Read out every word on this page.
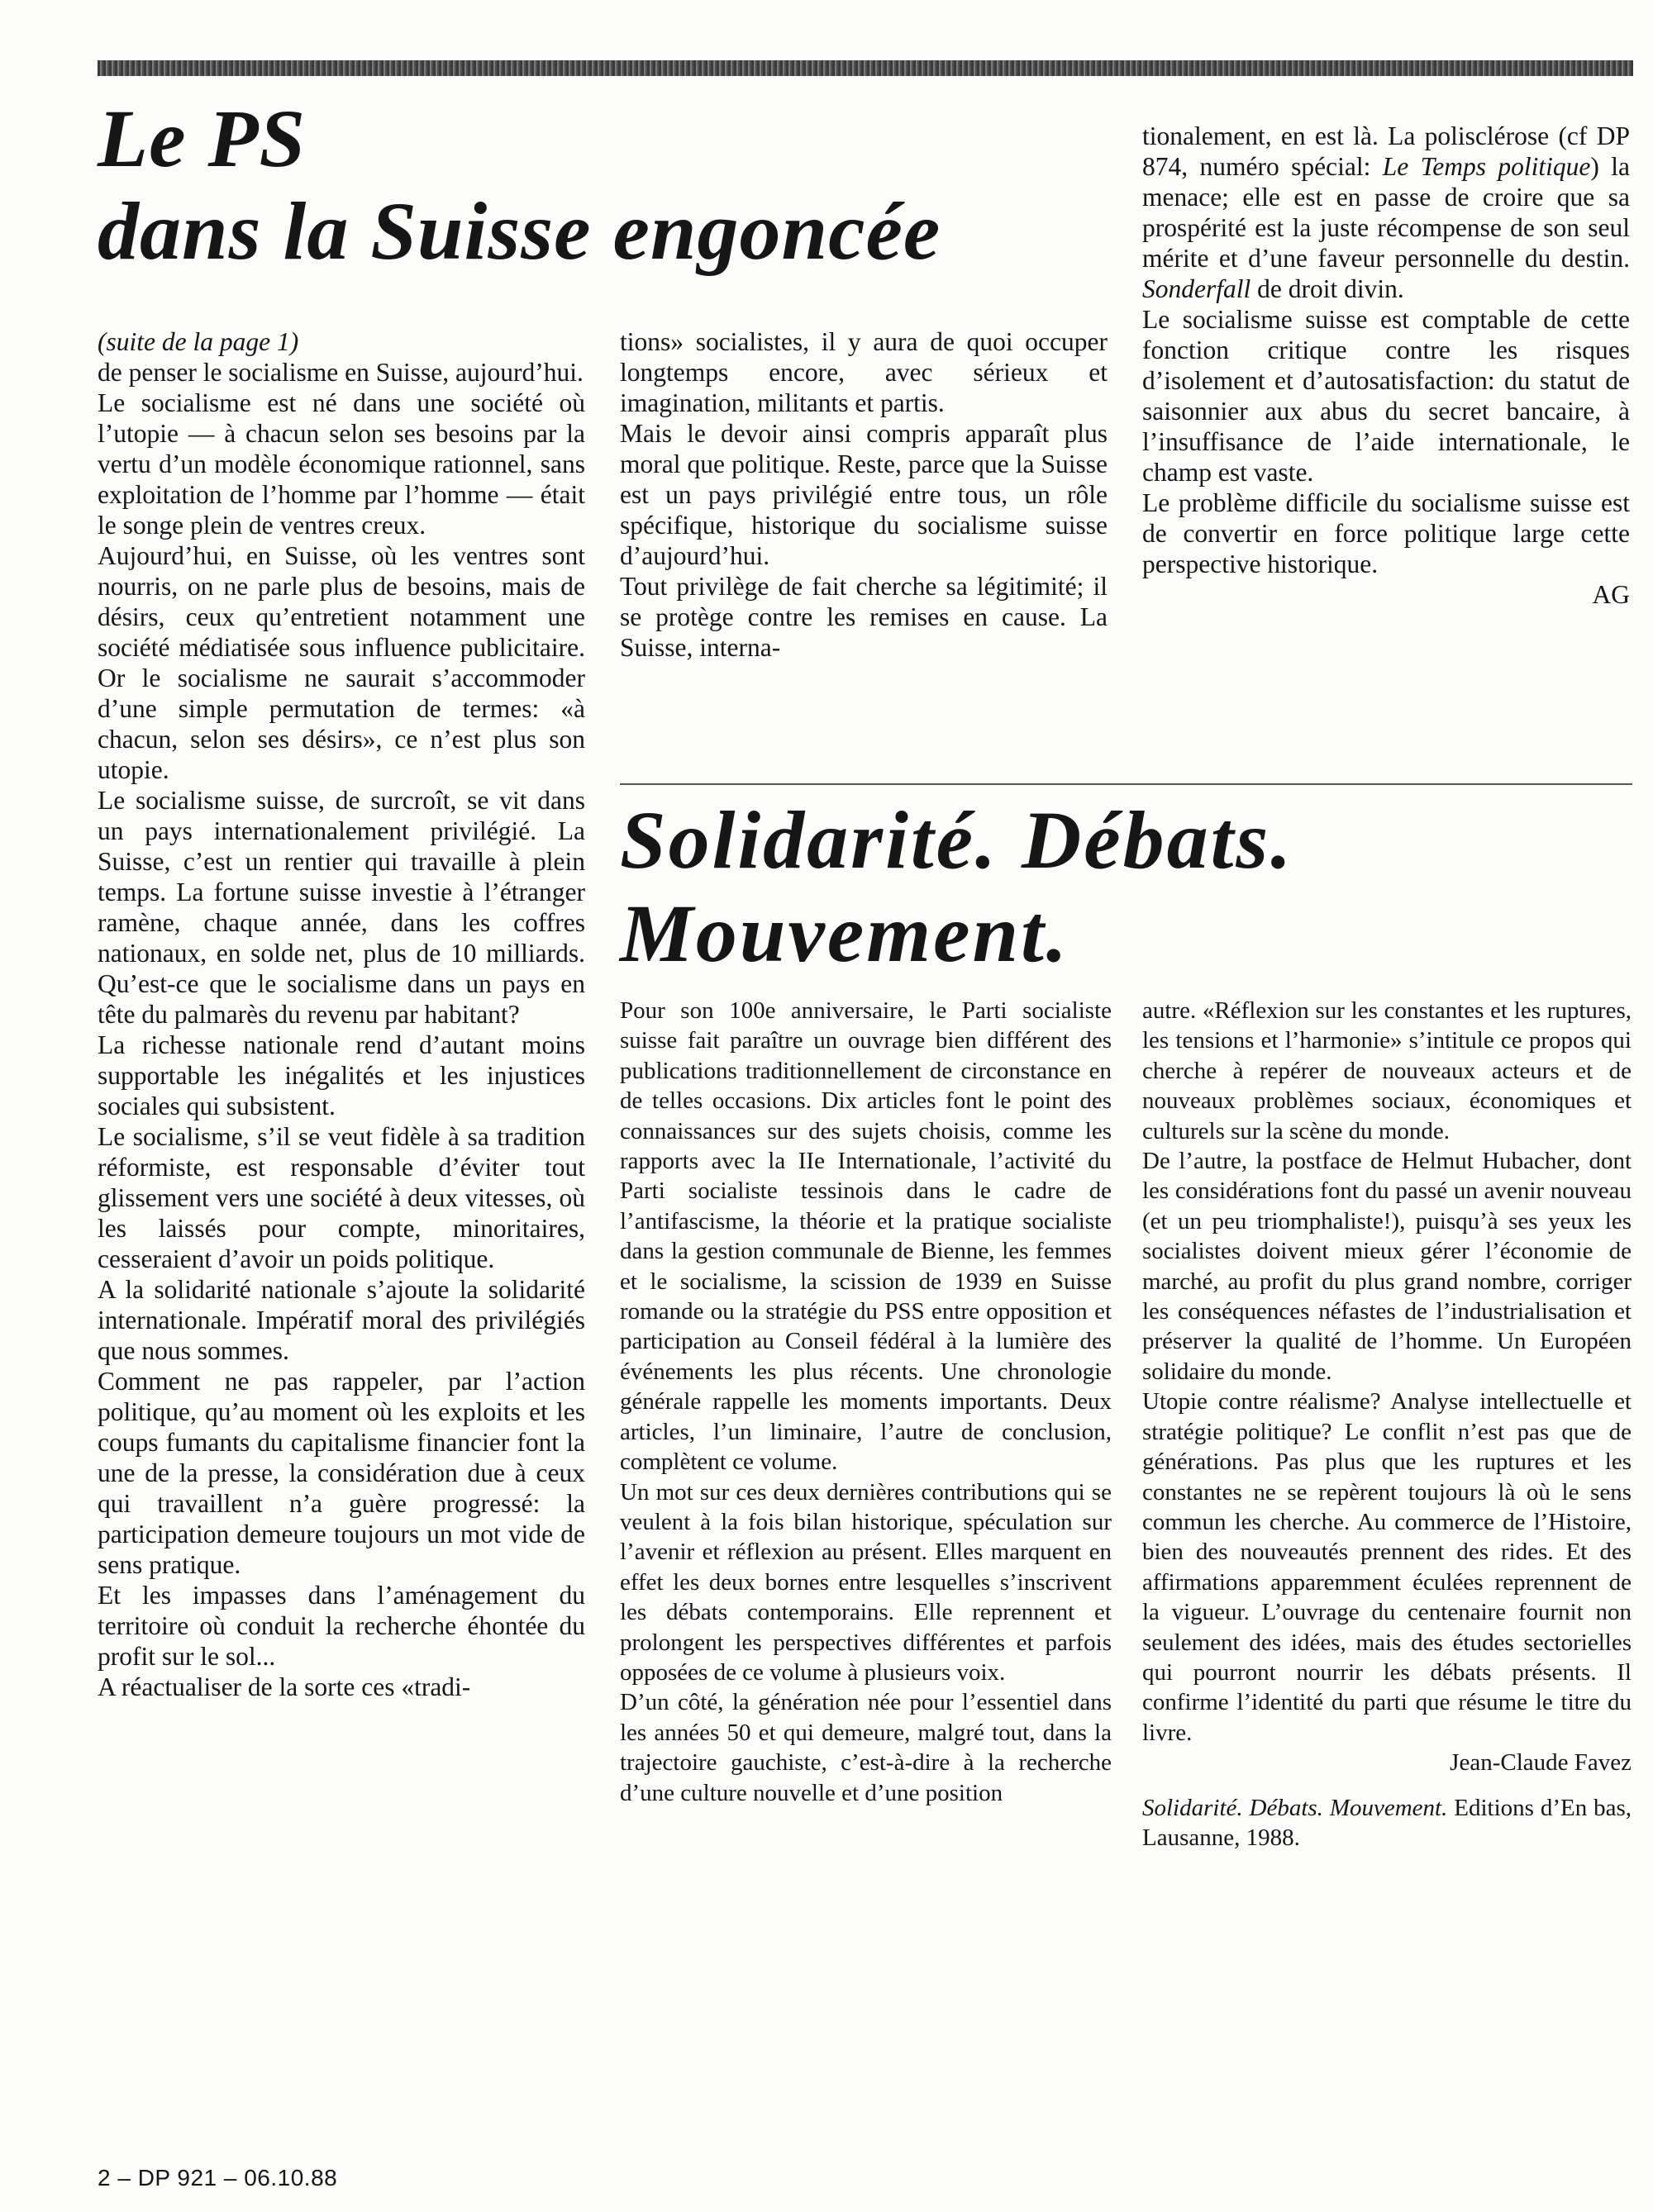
Le PS
dans la Suisse engoncée

(suite de la page 1)

de penser le socialisme en Suisse, aujourd’hui.

Le socialisme est né dans une société où l’utopie — à chacun selon ses besoins par la vertu d’un modèle économique rationnel, sans exploitation de l’homme par l’homme — était le songe plein de ventres creux.

Aujourd’hui, en Suisse, où les ventres sont nourris, on ne parle plus de besoins, mais de désirs, ceux qu’entretient notamment une société médiatisée sous influence publicitaire. Or le socialisme ne saurait s’accommoder d’une simple permutation de termes: «à chacun, selon ses désirs», ce n’est plus son utopie.

Le socialisme suisse, de surcroît, se vit dans un pays internationalement privilégié. La Suisse, c’est un rentier qui travaille à plein temps. La fortune suisse investie à l’étranger ramène, chaque année, dans les coffres nationaux, en solde net, plus de 10 milliards. Qu’est-ce que le socialisme dans un pays en tête du palmarès du revenu par habitant?

La richesse nationale rend d’autant moins supportable les inégalités et les injustices sociales qui subsistent.

Le socialisme, s’il se veut fidèle à sa tradition réformiste, est responsable d’éviter tout glissement vers une société à deux vitesses, où les laissés pour compte, minoritaires, cesseraient d’avoir un poids politique.

A la solidarité nationale s’ajoute la solidarité internationale. Impératif moral des privilégiés que nous sommes.

Comment ne pas rappeler, par l’action politique, qu’au moment où les exploits et les coups fumants du capitalisme financier font la une de la presse, la considération due à ceux qui travaillent n’a guère progressé: la participation demeure toujours un mot vide de sens pratique.

Et les impasses dans l’aménagement du territoire où conduit la recherche éhontée du profit sur le sol...

A réactualiser de la sorte ces «tradi-

tions» socialistes, il y aura de quoi occuper longtemps encore, avec sérieux et imagination, militants et partis.

Mais le devoir ainsi compris apparaît plus moral que politique. Reste, parce que la Suisse est un pays privilégié entre tous, un rôle spécifique, historique du socialisme suisse d’aujourd’hui.

Tout privilège de fait cherche sa légitimité; il se protège contre les remises en cause. La Suisse, interna-

tionalement, en est là. La polisclérose (cf DP 874, numéro spécial: Le Temps politique) la menace; elle est en passe de croire que sa prospérité est la juste récompense de son seul mérite et d’une faveur personnelle du destin. Sonderfall de droit divin.

Le socialisme suisse est comptable de cette fonction critique contre les risques d’isolement et d’autosatisfaction: du statut de saisonnier aux abus du secret bancaire, à l’insuffisance de l’aide internationale, le champ est vaste.

Le problème difficile du socialisme suisse est de convertir en force politique large cette perspective historique.

AG

Solidarité. Débats.
Mouvement.

Pour son 100e anniversaire, le Parti socialiste suisse fait paraître un ouvrage bien différent des publications traditionnellement de circonstance en de telles occasions. Dix articles font le point des connaissances sur des sujets choisis, comme les rapports avec la IIe Internationale, l’activité du Parti socialiste tessinois dans le cadre de l’antifascisme, la théorie et la pratique socialiste dans la gestion communale de Bienne, les femmes et le socialisme, la scission de 1939 en Suisse romande ou la stratégie du PSS entre opposition et participation au Conseil fédéral à la lumière des événements les plus récents. Une chronologie générale rappelle les moments importants. Deux articles, l’un liminaire, l’autre de conclusion, complètent ce volume.

Un mot sur ces deux dernières contributions qui se veulent à la fois bilan historique, spéculation sur l’avenir et réflexion au présent. Elles marquent en effet les deux bornes entre lesquelles s’inscrivent les débats contemporains. Elle reprennent et prolongent les perspectives différentes et parfois opposées de ce volume à plusieurs voix.

D’un côté, la génération née pour l’essentiel dans les années 50 et qui demeure, malgré tout, dans la trajectoire gauchiste, c’est-à-dire à la recherche d’une culture nouvelle et d’une position

autre. «Réflexion sur les constantes et les ruptures, les tensions et l’harmonie» s’intitule ce propos qui cherche à repérer de nouveaux acteurs et de nouveaux problèmes sociaux, économiques et culturels sur la scène du monde.

De l’autre, la postface de Helmut Hubacher, dont les considérations font du passé un avenir nouveau (et un peu triomphaliste!), puisqu’à ses yeux les socialistes doivent mieux gérer l’économie de marché, au profit du plus grand nombre, corriger les conséquences néfastes de l’industrialisation et préserver la qualité de l’homme. Un Européen solidaire du monde.

Utopie contre réalisme? Analyse intellectuelle et stratégie politique? Le conflit n’est pas que de générations. Pas plus que les ruptures et les constantes ne se repèrent toujours là où le sens commun les cherche. Au commerce de l’Histoire, bien des nouveautés prennent des rides. Et des affirmations apparemment éculées reprennent de la vigueur. L’ouvrage du centenaire fournit non seulement des idées, mais des études sectorielles qui pourront nourrir les débats présents. Il confirme l’identité du parti que résume le titre du livre.

Jean-Claude Favez

Solidarité. Débats. Mouvement. Editions d’En bas, Lausanne, 1988.

2 – DP 921 – 06.10.88
